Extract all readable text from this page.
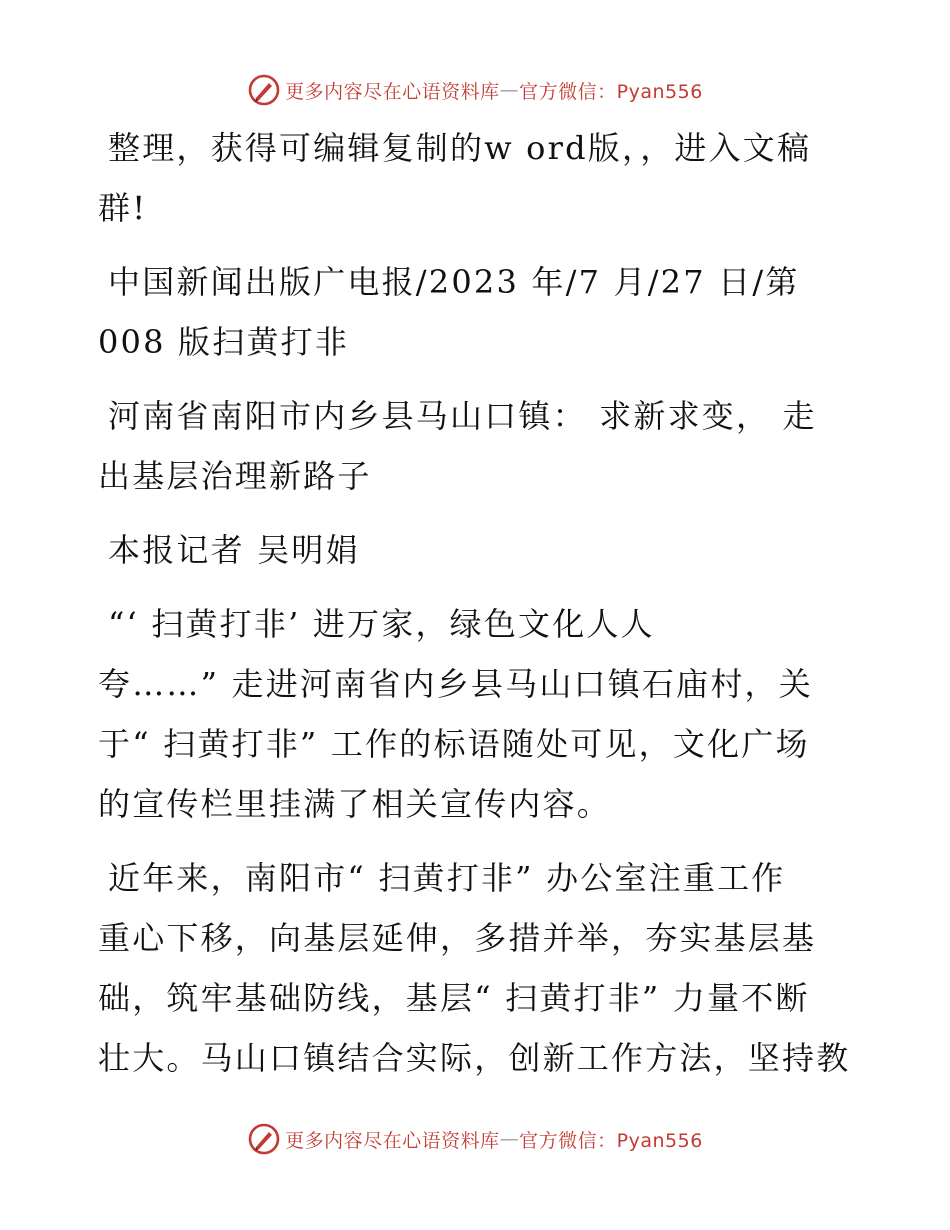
更多内容尽在心语资料库 — 官方微信：Pyan556

整理，获得可编辑复制的w ord版，，进入文稿
群!

中国新闻出版广电报/2023 年/7 月/27 日/第
008 版扫黄打非

河南省南阳市内乡县马山口镇： 求新求变， 走
出基层治理新路子

本报记者 吴明娟

“‘ 扫黄打非’ 进万家，绿色文化人人
夸……” 走进河南省内乡县马山口镇石庙村，关
于“ 扫黄打非” 工作的标语随处可见，文化广场
的宣传栏里挂满了相关宣传内容。

近年来，南阳市“ 扫黄打非” 办公室注重工作
重心下移，向基层延伸，多措并举，夯实基层基
础，筑牢基础防线，基层“ 扫黄打非” 力量不断
壮大。马山口镇结合实际，创新工作方法，坚持教

更多内容尽在心语资料库 — 官方微信：Pyan556
